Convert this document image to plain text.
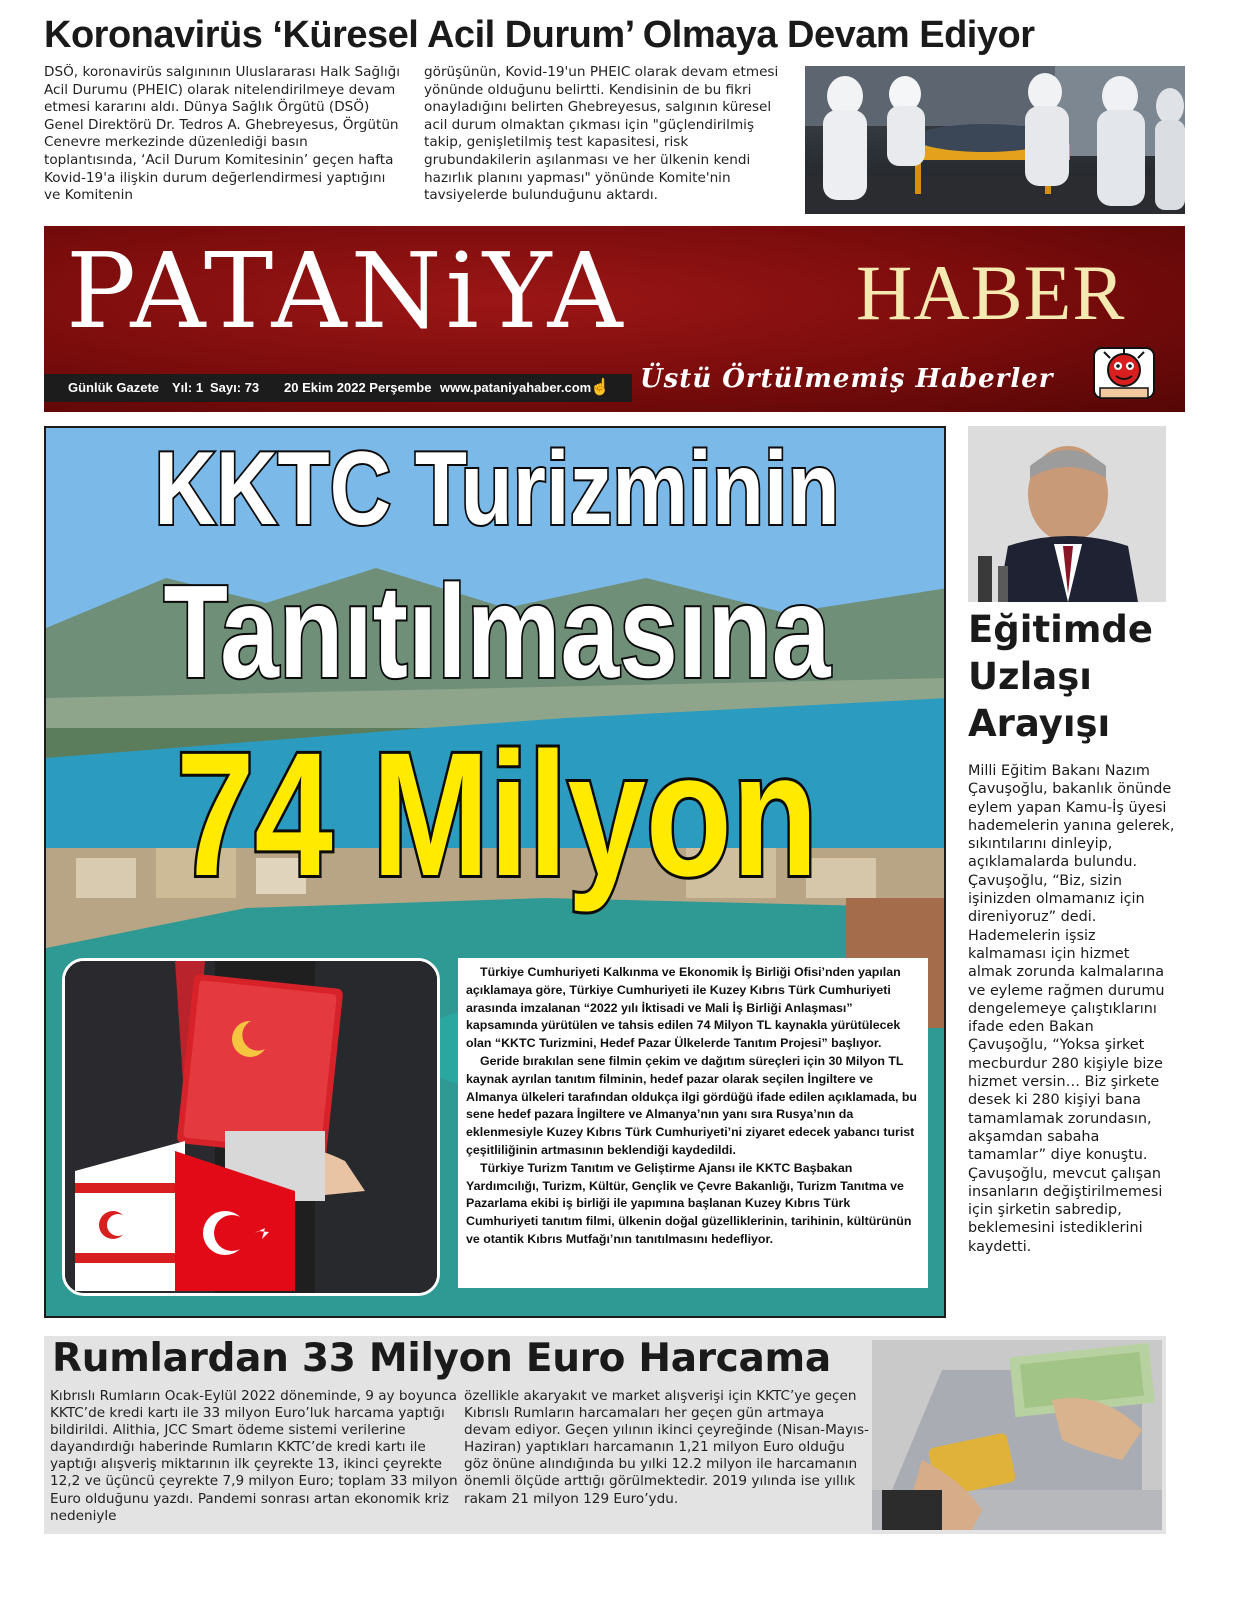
Koronavirüs ‘Küresel Acil Durum’ Olmaya Devam Ediyor
DSÖ, koronavirüs salgınının Uluslararası Halk Sağlığı Acil Durumu (PHEIC) olarak nitelendirilmeye devam etmesi kararını aldı. Dünya Sağlık Örgütü (DSÖ) Genel Direktörü Dr. Tedros A. Ghebreyesus, Örgütün Cenevre merkezinde düzenlediği basın toplantısında, ‘Acil Durum Komitesinin’ geçen hafta Kovid-19'a ilişkin durum değerlendirmesi yaptığını ve Komitenin
görüşünün, Kovid-19'un PHEIC olarak devam etmesi yönünde olduğunu belirtti. Kendisinin de bu fikri onayladığını belirten Ghebreyesus, salgının küresel acil durum olmaktan çıkması için "güçlendirilmiş takip, genişletilmiş test kapasitesi, risk grubundakilerin aşılanması ve her ülkenin kendi hazırlık planını yapması" yönünde Komite'nin tavsiyelerde bulunduğunu aktardı.
PATANiYA	HABER
Günlük Gazete Yıl: 1 Sayı: 73 20 Ekim 2022 Perşembe www.pataniyahaber.com
☝ Üstü Örtülmemiş Haberler
KKTC Turizminin
Tanıtılmasına
74 Milyon

Türkiye Cumhuriyeti Kalkınma ve Ekonomik İş Birliği Ofisi’nden yapılan açıklamaya göre, Türkiye Cumhuriyeti ile Kuzey Kıbrıs Türk Cumhuriyeti arasında imzalanan “2022 yılı İktisadi ve Mali İş Birliği Anlaşması” kapsamında yürütülen ve tahsis edilen 74 Milyon TL kaynakla yürütülecek olan “KKTC Turizmini, Hedef Pazar Ülkelerde Tanıtım Projesi” başlıyor.

Geride bırakılan sene filmin çekim ve dağıtım süreçleri için 30 Milyon TL kaynak ayrılan tanıtım filminin, hedef pazar olarak seçilen İngiltere ve Almanya ülkeleri tarafından oldukça ilgi gördüğü ifade edilen açıklamada, bu sene hedef pazara İngiltere ve Almanya’nın yanı sıra Rusya’nın da eklenmesiyle Kuzey Kıbrıs Türk Cumhuriyeti’ni ziyaret edecek yabancı turist çeşitliliğinin artmasının beklendiği kaydedildi.

Türkiye Turizm Tanıtım ve Geliştirme Ajansı ile KKTC Başbakan Yardımcılığı, Turizm, Kültür, Gençlik ve Çevre Bakanlığı, Turizm Tanıtma ve Pazarlama ekibi iş birliği ile yapımına başlanan Kuzey Kıbrıs Türk Cumhuriyeti tanıtım filmi, ülkenin doğal güzelliklerinin, tarihinin, kültürünün ve otantik Kıbrıs Mutfağı’nın tanıtılmasını hedefliyor.

Eğitimde Uzlaşı Arayışı
Milli Eğitim Bakanı Nazım Çavuşoğlu, bakanlık önünde eylem yapan Kamu-İş üyesi hademelerin yanına gelerek, sıkıntılarını dinleyip, açıklamalarda bulundu. Çavuşoğlu, “Biz, sizin işinizden olmamanız için direniyoruz” dedi. Hademelerin işsiz kalmaması için hizmet almak zorunda kalmalarına ve eyleme rağmen durumu dengelemeye çalıştıklarını ifade eden Bakan Çavuşoğlu, “Yoksa şirket mecburdur 280 kişiyle bize hizmet versin… Biz şirkete desek ki 280 kişiyi bana tamamlamak zorundasın, akşamdan sabaha tamamlar” diye konuştu. Çavuşoğlu, mevcut çalışan insanların değiştirilmemesi için şirketin sabredip, beklemesini istediklerini kaydetti.
Rumlardan 33 Milyon Euro Harcama
Kıbrıslı Rumların Ocak-Eylül 2022 döneminde, 9 ay boyunca KKTC’de kredi kartı ile 33 milyon Euro’luk harcama yaptığı bildirildi. Alithia, JCC Smart ödeme sistemi verilerine dayandırdığı haberinde Rumların KKTC’de kredi kartı ile yaptığı alışveriş miktarının ilk çeyrekte 13, ikinci çeyrekte 12,2 ve üçüncü çeyrekte 7,9 milyon Euro; toplam 33 milyon Euro olduğunu yazdı. Pandemi sonrası artan ekonomik kriz nedeniyle
özellikle akaryakıt ve market alışverişi için KKTC’ye geçen Kıbrıslı Rumların harcamaları her geçen gün artmaya devam ediyor. Geçen yılının ikinci çeyreğinde (Nisan-Mayıs-Haziran) yaptıkları harcamanın 1,21 milyon Euro olduğu göz önüne alındığında bu yılki 12.2 milyon ile harcamanın önemli ölçüde arttığı görülmektedir. 2019 yılında ise yıllık rakam 21 milyon 129 Euro’ydu.
